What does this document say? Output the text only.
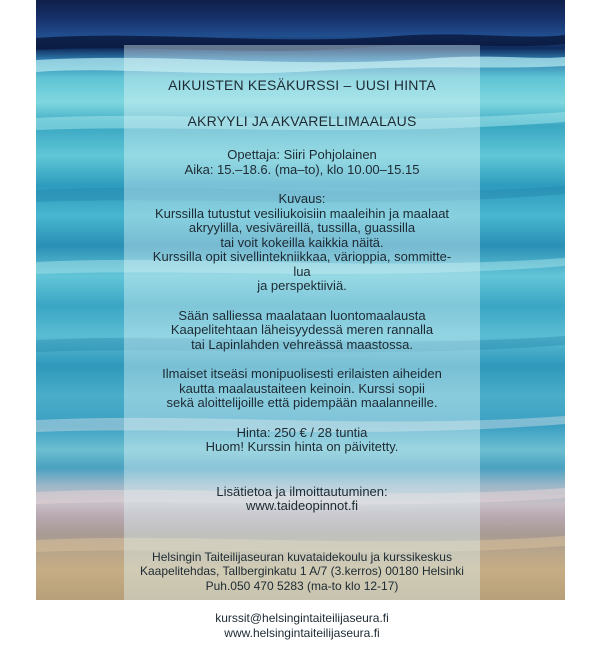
AIKUISTEN KESÄKURSSI – UUSI HINTA
AKRYYLI JA AKVARELLIMAALAUS
Opettaja: Siiri Pohjolainen
Aika: 15.–18.6. (ma–to), klo 10.00–15.15
Kuvaus:
Kurssilla tutustut vesiliukoisiin maaleihin ja maalaat
akryylilla, vesiväreillä, tussilla, guassilla
tai voit kokeilla kaikkia näitä.
Kurssilla opit sivellintekniikkaa, värioppia, sommitte-
lua
ja perspektiiviä.
Sään salliessa maalataan luontomaalausta
Kaapelitehtaan läheisyydessä meren rannalla
tai Lapinlahden vehreässä maastossa.
Ilmaiset itseäsi monipuolisesti erilaisten aiheiden
kautta maalaustaiteen keinoin. Kurssi sopii
sekä aloittelijoille että pidempään maalanneille.
Hinta: 250 € / 28 tuntia
Huom! Kurssin hinta on päivitetty.
Lisätietoa ja ilmoittautuminen:
www.taideopinnot.fi
Helsingin Taiteilijaseuran kuvataidekoulu ja kurssikeskus
Kaapelitehdas, Tallberginkatu 1 A/7 (3.kerros) 00180 Helsinki
Puh.050 470 5283 (ma-to klo 12-17)
kurssit@helsingintaiteilijaseura.fi
www.helsingintaiteilijaseura.fi
